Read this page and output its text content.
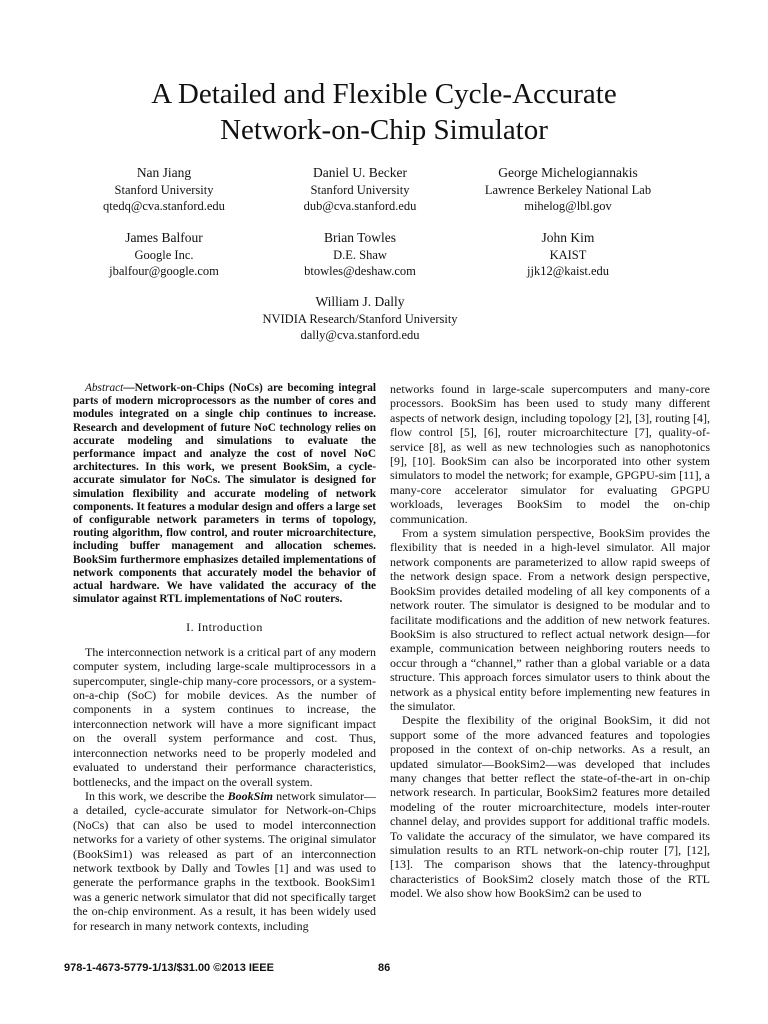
A Detailed and Flexible Cycle-Accurate
Network-on-Chip Simulator
Nan Jiang
Stanford University
qtedq@cva.stanford.edu
Daniel U. Becker
Stanford University
dub@cva.stanford.edu
George Michelogiannakis
Lawrence Berkeley National Lab
mihelog@lbl.gov
James Balfour
Google Inc.
jbalfour@google.com
Brian Towles
D.E. Shaw
btowles@deshaw.com
John Kim
KAIST
jjk12@kaist.edu
William J. Dally
NVIDIA Research/Stanford University
dally@cva.stanford.edu

Abstract—Network-on-Chips (NoCs) are becoming integral parts of modern microprocessors as the number of cores and modules integrated on a single chip continues to increase. Research and development of future NoC technology relies on accurate modeling and simulations to evaluate the performance impact and analyze the cost of novel NoC architectures. In this work, we present BookSim, a cycle-accurate simulator for NoCs. The simulator is designed for simulation flexibility and accurate modeling of network components. It features a modular design and offers a large set of configurable network parameters in terms of topology, routing algorithm, flow control, and router microarchitecture, including buffer management and allocation schemes. BookSim furthermore emphasizes detailed implementations of network components that accurately model the behavior of actual hardware. We have validated the accuracy of the simulator against RTL implementations of NoC routers.

I. Introduction

The interconnection network is a critical part of any modern computer system, including large-scale multiprocessors in a supercomputer, single-chip many-core processors, or a system-on-a-chip (SoC) for mobile devices. As the number of components in a system continues to increase, the interconnection network will have a more significant impact on the overall system performance and cost. Thus, interconnection networks need to be properly modeled and evaluated to understand their performance characteristics, bottlenecks, and the impact on the overall system.

In this work, we describe the BookSim network simulator—a detailed, cycle-accurate simulator for Network-on-Chips (NoCs) that can also be used to model interconnection networks for a variety of other systems. The original simulator (BookSim1) was released as part of an interconnection network textbook by Dally and Towles [1] and was used to generate the performance graphs in the textbook. BookSim1 was a generic network simulator that did not specifically target the on-chip environment. As a result, it has been widely used for research in many network contexts, including

networks found in large-scale supercomputers and many-core processors. BookSim has been used to study many different aspects of network design, including topology [2], [3], routing [4], flow control [5], [6], router microarchitecture [7], quality-of-service [8], as well as new technologies such as nanophotonics [9], [10]. BookSim can also be incorporated into other system simulators to model the network; for example, GPGPU-sim [11], a many-core accelerator simulator for evaluating GPGPU workloads, leverages BookSim to model the on-chip communication.

From a system simulation perspective, BookSim provides the flexibility that is needed in a high-level simulator. All major network components are parameterized to allow rapid sweeps of the network design space. From a network design perspective, BookSim provides detailed modeling of all key components of a network router. The simulator is designed to be modular and to facilitate modifications and the addition of new network features. BookSim is also structured to reflect actual network design—for example, communication between neighboring routers needs to occur through a “channel,” rather than a global variable or a data structure. This approach forces simulator users to think about the network as a physical entity before implementing new features in the simulator.

Despite the flexibility of the original BookSim, it did not support some of the more advanced features and topologies proposed in the context of on-chip networks. As a result, an updated simulator—BookSim2—was developed that includes many changes that better reflect the state-of-the-art in on-chip network research. In particular, BookSim2 features more detailed modeling of the router microarchitecture, models inter-router channel delay, and provides support for additional traffic models. To validate the accuracy of the simulator, we have compared its simulation results to an RTL network-on-chip router [7], [12], [13]. The comparison shows that the latency-throughput characteristics of BookSim2 closely match those of the RTL model. We also show how BookSim2 can be used to

978-1-4673-5779-1/13/$31.00 ©2013 IEEE	86
